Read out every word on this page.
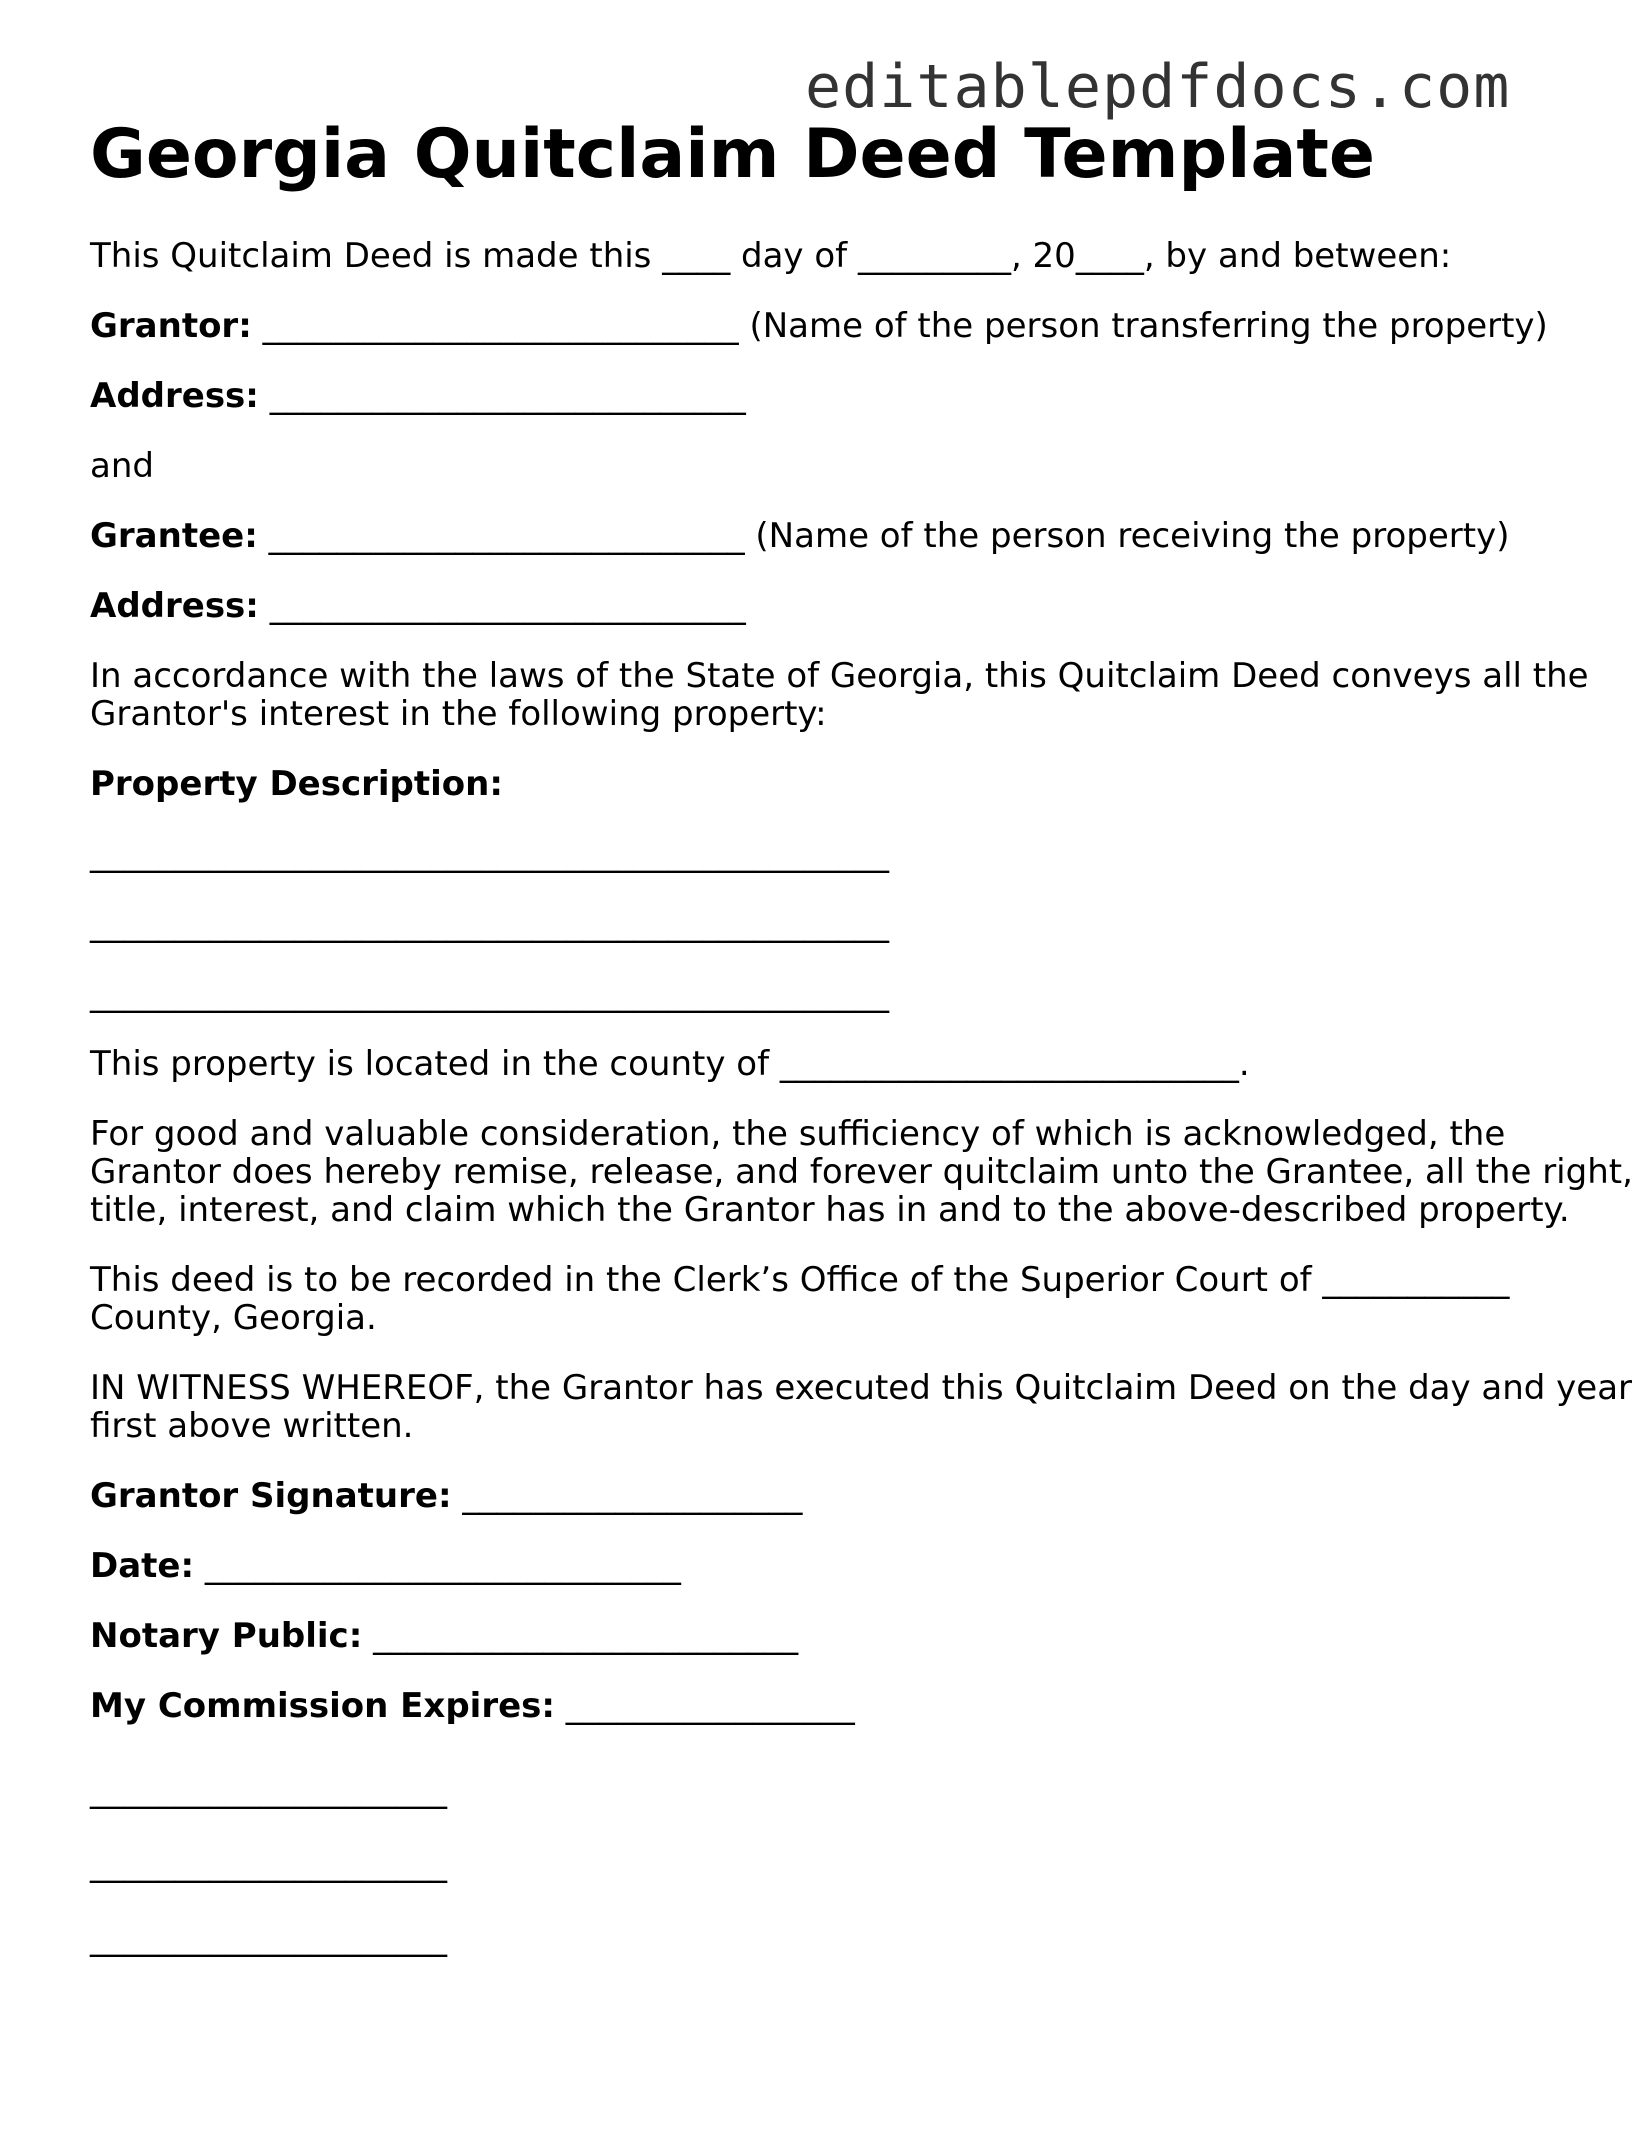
editablepdfdocs.com
Georgia Quitclaim Deed Template
This Quitclaim Deed is made this ____ day of _________, 20____, by and between:
Grantor: ____________________________ (Name of the person transferring the property)
Address: ____________________________
and
Grantee: ____________________________ (Name of the person receiving the property)
Address: ____________________________
In accordance with the laws of the State of Georgia, this Quitclaim Deed conveys all the
Grantor's interest in the following property:
Property Description:
_______________________________________________
_______________________________________________
_______________________________________________
This property is located in the county of ___________________________.
For good and valuable consideration, the sufficiency of which is acknowledged, the
Grantor does hereby remise, release, and forever quitclaim unto the Grantee, all the right,
title, interest, and claim which the Grantor has in and to the above-described property.
This deed is to be recorded in the Clerk’s Office of the Superior Court of ___________
County, Georgia.
IN WITNESS WHEREOF, the Grantor has executed this Quitclaim Deed on the day and year
first above written.
Grantor Signature: ____________________
Date: ____________________________
Notary Public: _________________________
My Commission Expires: _________________
_____________________
_____________________
_____________________
